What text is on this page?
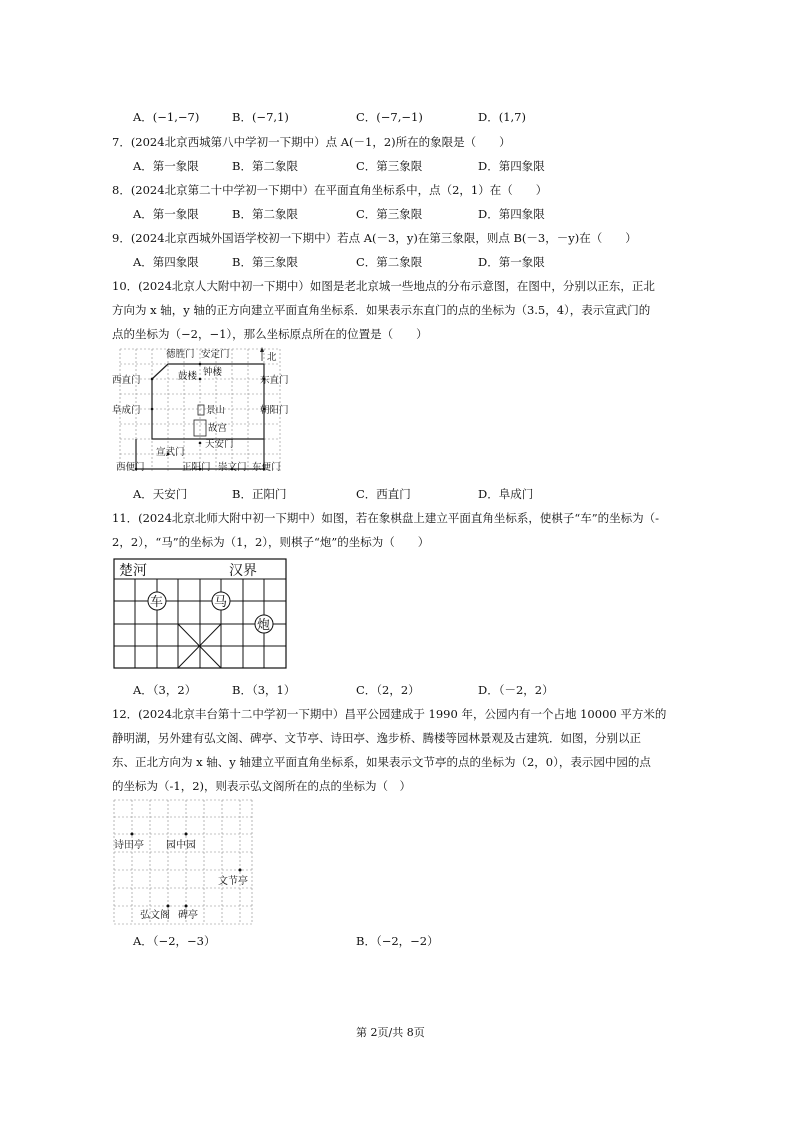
A．(−1,−7)	B．(−7,1)	C．(−7,−1)	D．(1,7)
7．(2024北京西城第八中学初一下期中）点 A(－1，2)所在的象限是（　　）
A．第一象限	B．第二象限	C．第三象限	D．第四象限
8．(2024北京第二十中学初一下期中）在平面直角坐标系中，点（2，1）在（　　）
A．第一象限	B．第二象限	C．第三象限	D．第四象限
9．(2024北京西城外国语学校初一下期中）若点 A(－3，y)在第三象限，则点 B(－3，－y)在（　　）
A．第四象限	B．第三象限	C．第二象限	D．第一象限
10．(2024北京人大附中初一下期中）如图是老北京城一些地点的分布示意图，在图中，分别以正东，正北
方向为 x 轴，y 轴的正方向建立平面直角坐标系．如果表示东直门的点的坐标为（3.5，4），表示宣武门的
点的坐标为（−2，−1），那么坐标原点所在的位置是（　　）
德胜门 安定门	北
鼓楼 钟楼
西直门	东直门
阜成门	景山	朝阳门
故宫
天安门
宣武门
西便门	正阳门 崇文门 东便门
A．天安门	B．正阳门	C．西直门	D．阜成门
11．(2024北京北师大附中初一下期中）如图，若在象棋盘上建立平面直角坐标系，使棋子“车”的坐标为（-
2，2），“马”的坐标为（1，2），则棋子“炮”的坐标为（　　）
楚河	汉界
车	马
炮
A．（3，2）	B．（3，1）	C．（2，2）	D．（－2，2）
12．(2024北京丰台第十二中学初一下期中）昌平公园建成于 1990 年，公园内有一个占地 10000 平方米的
静明湖，另外建有弘文阁、碑亭、文节亭、诗田亭、逸步桥、腾楼等园林景观及古建筑．如图，分别以正
东、正北方向为 x 轴、y 轴建立平面直角坐标系，如果表示文节亭的点的坐标为（2，0），表示园中园的点
的坐标为（-1，2)，则表示弘文阁所在的点的坐标为（　）
诗田亭 园中园
文节亭
弘文阁 碑亭
A．（−2，−3）	B．（−2，−2）
第 2页/共 8页
